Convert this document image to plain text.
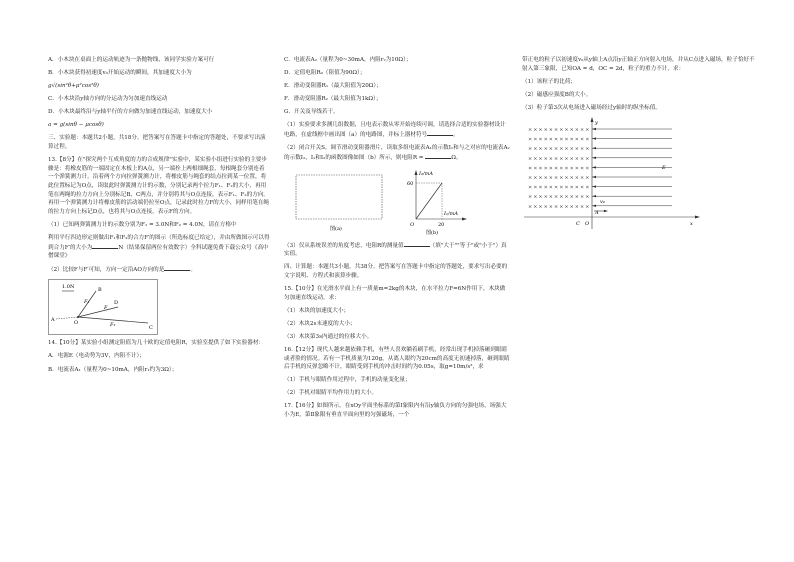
A．小木块在桌面上的运动轨迹为一条抛物线，该同学实验方案可行

B．小木块获得初速度v₀开始运动的瞬间，其加速度大小为

g√(sin²θ+μ²cos²θ)

C．小木块沿y轴方向的分运动为匀加速直线运动

D．小木块最终沿与y轴平行的方向做匀加速直线运动，加速度大小

a = g(sinθ − μcosθ)

三、实验题：本题共2小题，共18分。把答案写在答题卡中指定的答题处，不要求写出演算过程。

13.【8分】在"探究两个互成角度的力的合成规律"实验中，某实验小组进行实验的主要步骤是：将橡皮筋的一端固定在木板上的A点，另一端拴上两根细绳套，每根绳套分别连着一个弹簧测力计。沿着两个方向拉弹簧测力计，将橡皮筋与绳套的结点拉到某一位置，将此位置标记为O点，读取此时弹簧测力计的示数，分别记录两个拉力F₁、F₂的大小，再用笔在两绳的拉力方向上分别标记B、C两点，并分别将其与O点连接，表示F₁、F₂的方向。再用一个弹簧测力计将橡皮筋的活动端仍拉至O点，记录此时拉力F的大小，同样用笔在绳的拉力方向上标记D点，也将其与O点连接，表示F的方向。

（1）已知两弹簧测力计的示数分别为F₁ = 3.0N和F₂ = 4.0N，请在方格中

利用平行四边形定则做出F₁和F₂的合力F′的图示（所选标度已给定），并由所做图示可以得到合力F′的大小为	N（结果保留两位有效数字）全科试题免费下载公众号《高中僧课堂》

（2）比较F与F′可知，方向一定沿AO方向的是	。

1.0N	B
F₁	D
F
A	O	F₂	C

14.【10分】某实验小组测定阻值为几十欧的定值电阻R，实验室提供了如下实验器材：

A．电源E（电动势为3V，内阻不计）；

B．电流表A₁（量程为0~10mA，内阻r₁约为3Ω）；

C．电流表A₂（量程为0~30mA，内阻r₂为10Ω）；

D．定值电阻R₀（阻值为90Ω）；

E．滑动变阻器R₁（最大阻值为20Ω）；

F．滑动变阻器R₂（最大阻值为1kΩ）；

G．开关及导线若干。

（1）实验要求多测几组数据，且电表示数从零开始连续可调，请选择合适的实验器材设计电路，在虚线框中画出图（a）的电路图，并标上器材符号	。

（2）闭合开关S，调节滑动变阻器滑片，读取多组电流表A₁的示数I₁和与之对应的电流表A₂的示数I₂，I₁和I₂的函数图像如图（b）所示，则电阻R =	Ω。

图(a)
I₂/mA
I₁/mA
60
20
O
图(b)

（3）仅从系统误差的角度考虑，电阻R的测量值	（填"大于""等于"或"小于"）真实值。

四、计算题：本题共3小题，共38分。把答案写在答题卡中指定的答题处，要求写出必要的文字说明、方程式和演算步骤。

15.【10分】在光滑水平面上有一质量m=2kg的木块，在水平拉力F=6N作用下，木块做匀加速直线运动。求：

（1）木块的加速度大小；

（2）木块2s末速度的大小；

（3）木块第3s内通过的位移大小。

16.【12分】现代人越来越依赖手机，有些人喜欢躺着刷手机，经常出现手机掉落砸到眼睛或者脸的情况。若有一手机质量为120g，从离人眼约为20cm的高度无初速掉落，砸到眼睛后手机的反弹忽略不计，眼睛受到手机的冲击时间约为0.05s，取g=10m/s²，求

（1）手机与眼睛作用过程中，手机的动量变化量；

（2）手机对眼睛平均作用力的大小。

17.【16分】如图所示，在xOy平面坐标系的第Ⅰ象限内有沿y轴负方向的匀强电场，场强大小为E，第Ⅱ象限有垂直平面向里的匀强磁场，一个

带正电的粒子以初速度v₀从y轴上A点沿y正轴正方向射入电场，并从C点进入磁场，粒子恰好不射入第三象限，已知OA = d，OC = 2d，粒子的重力不计，求：

（1）该粒子的比荷；

（2）磁感应强度B的大小。

（3）粒子第3次从电场进入磁场经过y轴时的纵坐标值。

y
x
O
C
A
E
v₀
× × × × × × × × × × × ×
× × × × × × × × × × × ×
× × × × × × × × × × × ×
× × × × × × × × × × × ×
× × × × × × × × × × × ×
× × × × × × × × × × × ×
× × × × × × × × × × × ×
× × × × × × × × × × × ×
× × × × × × × × × × × ×
